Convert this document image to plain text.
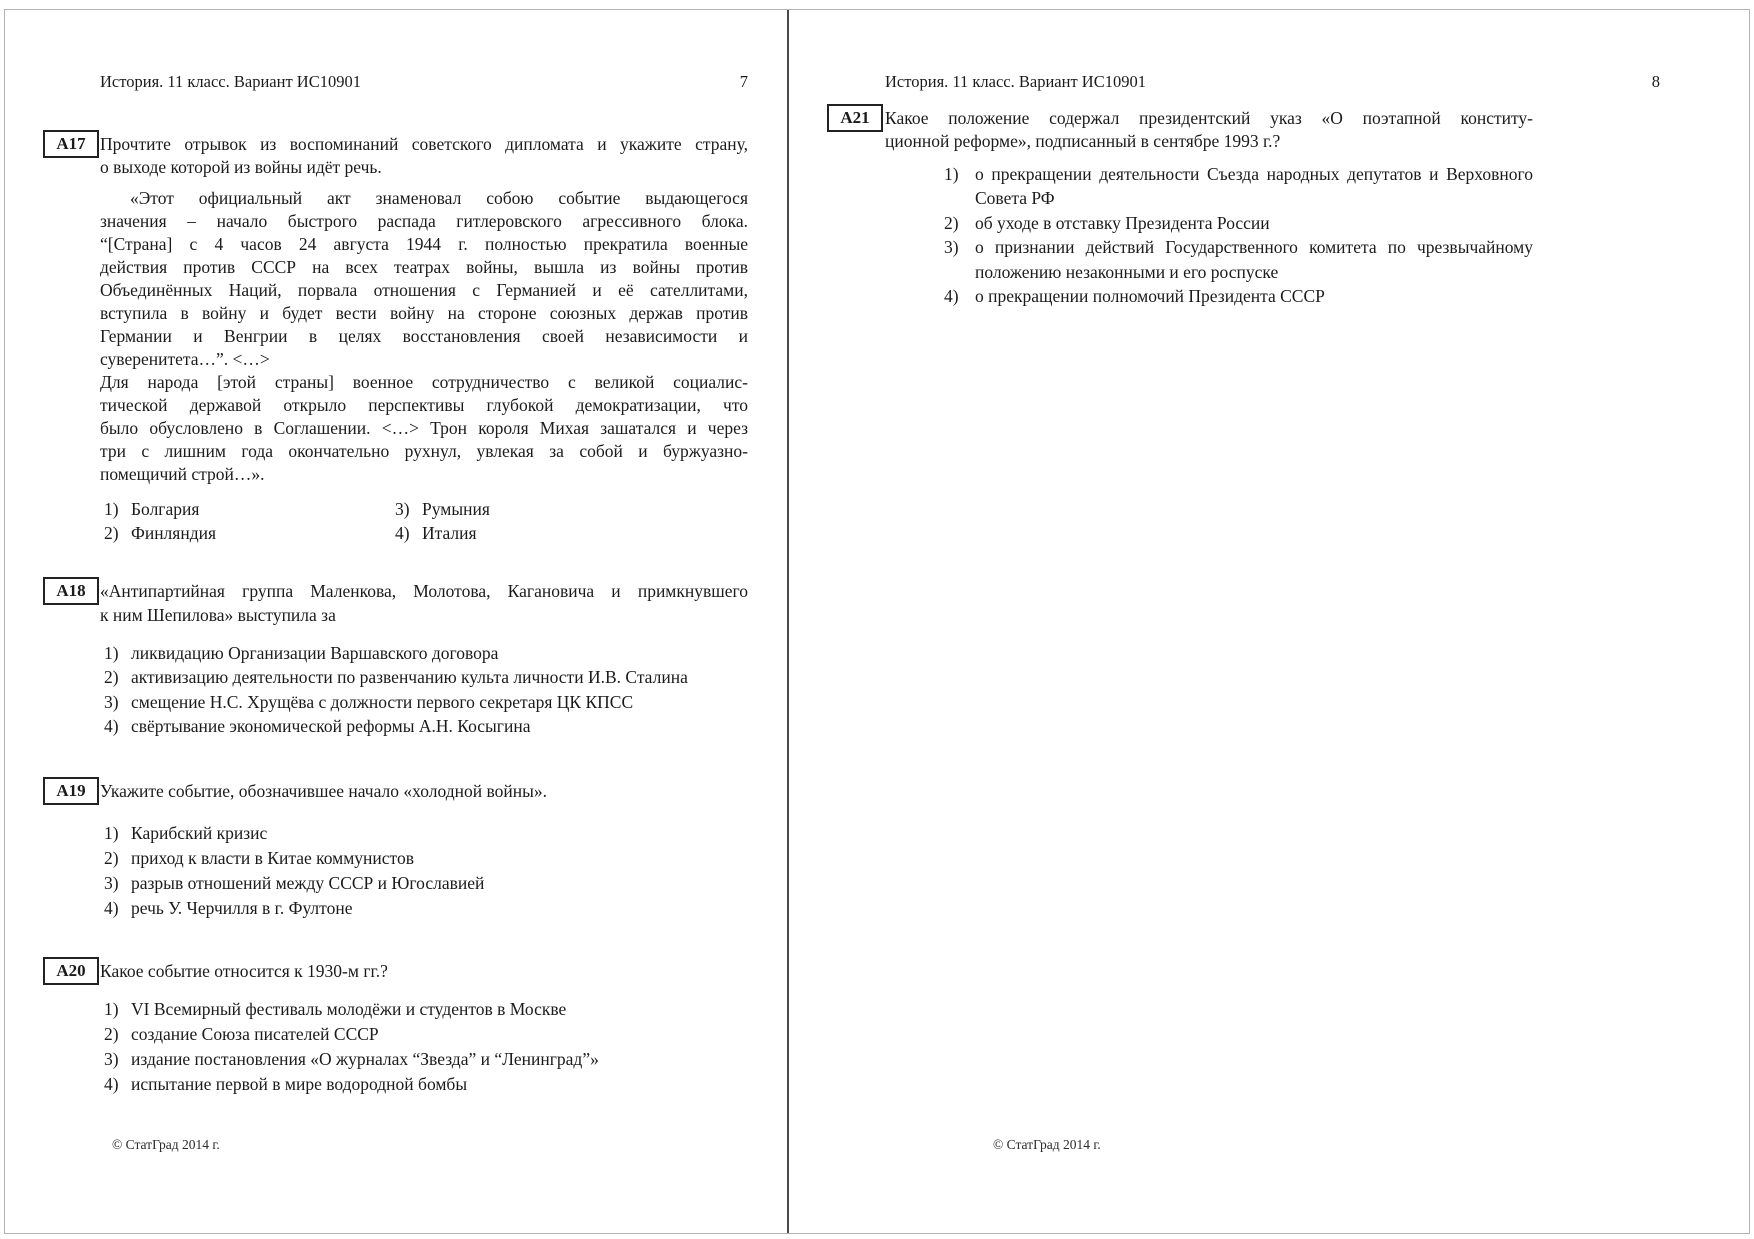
История. 11 класс. Вариант ИС10901	7
А17 Прочтите отрывок из воспоминаний советского дипломата и укажите страну,
о выходе которой из войны идёт речь.
«Этот официальный акт знаменовал собою событие выдающегося
значения – начало быстрого распада гитлеровского агрессивного блока.
“[Страна] с 4 часов 24 августа 1944 г. полностью прекратила военные
действия против СССР на всех театрах войны, вышла из войны против
Объединённых Наций, порвала отношения с Германией и её сателлитами,
вступила в войну и будет вести войну на стороне союзных держав против
Германии и Венгрии в целях восстановления своей независимости и
суверенитета…”. <…>
Для народа [этой страны] военное сотрудничество с великой социалис-
тической державой открыло перспективы глубокой демократизации, что
было обусловлено в Соглашении. <…> Трон короля Михая зашатался и через
три с лишним года окончательно рухнул, увлекая за собой и буржуазно-
помещичий строй…».
1) Болгария	3) Румыния
2) Финляндия	4) Италия
А18 «Антипартийная группа Маленкова, Молотова, Кагановича и примкнувшего
к ним Шепилова» выступила за
1) ликвидацию Организации Варшавского договора
2) активизацию деятельности по развенчанию культа личности И.В. Сталина
3) смещение Н.С. Хрущёва с должности первого секретаря ЦК КПСС
4) свёртывание экономической реформы А.Н. Косыгина
А19 Укажите событие, обозначившее начало «холодной войны».
1) Карибский кризис
2) приход к власти в Китае коммунистов
3) разрыв отношений между СССР и Югославией
4) речь У. Черчилля в г. Фултоне
А20 Какое событие относится к 1930-м гг.?
1) VI Всемирный фестиваль молодёжи и студентов в Москве
2) создание Союза писателей СССР
3) издание постановления «О журналах “Звезда” и “Ленинград”»
4) испытание первой в мире водородной бомбы
© СтатГрад 2014 г.
История. 11 класс. Вариант ИС10901	8
А21 Какое положение содержал президентский указ «О поэтапной конститу-
ционной реформе», подписанный в сентябре 1993 г.?
1) о прекращении деятельности Съезда народных депутатов и Верховного
Совета РФ
2) об уходе в отставку Президента России
3) о признании действий Государственного комитета по чрезвычайному
положению незаконными и его роспуске
4) о прекращении полномочий Президента СССР
© СтатГрад 2014 г.
